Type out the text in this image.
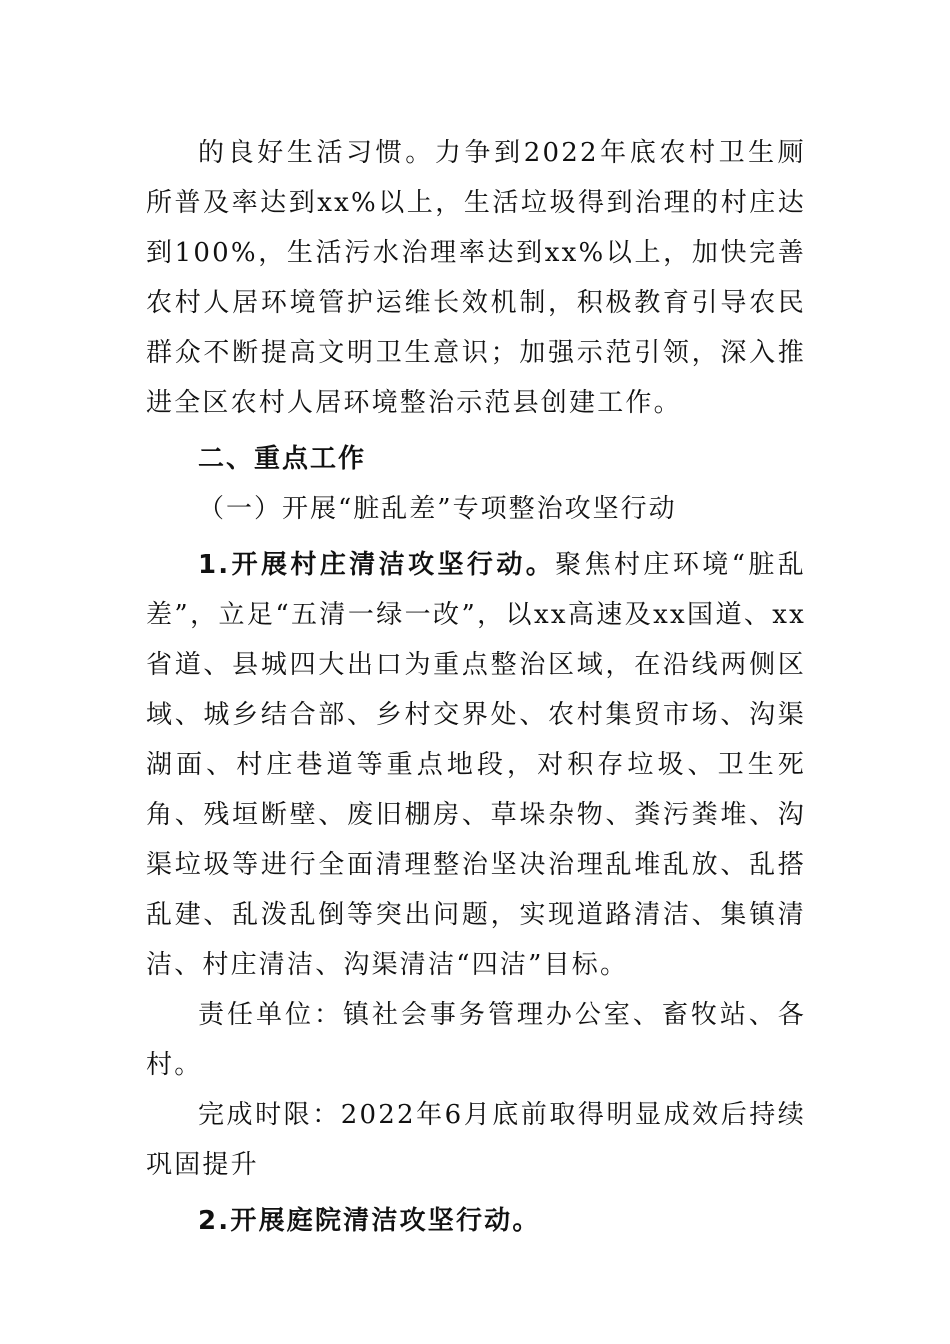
的良好生活习惯。力争到2022年底农村卫生厕所普及率达到xx%以上，生活垃圾得到治理的村庄达到100%，生活污水治理率达到xx%以上，加快完善农村人居环境管护运维长效机制，积极教育引导农民群众不断提高文明卫生意识；加强示范引领，深入推进全区农村人居环境整治示范县创建工作。

二、重点工作

（一）开展“脏乱差”专项整治攻坚行动

1.开展村庄清洁攻坚行动。聚焦村庄环境“脏乱差”，立足“五清一绿一改”，以xx高速及xx国道、xx省道、县城四大出口为重点整治区域，在沿线两侧区域、城乡结合部、乡村交界处、农村集贸市场、沟渠湖面、村庄巷道等重点地段，对积存垃圾、卫生死角、残垣断壁、废旧棚房、草垛杂物、粪污粪堆、沟渠垃圾等进行全面清理整治坚决治理乱堆乱放、乱搭乱建、乱泼乱倒等突出问题，实现道路清洁、集镇清洁、村庄清洁、沟渠清洁“四洁”目标。

责任单位：镇社会事务管理办公室、畜牧站、各村。

完成时限：2022年6月底前取得明显成效后持续巩固提升

2.开展庭院清洁攻坚行动。
